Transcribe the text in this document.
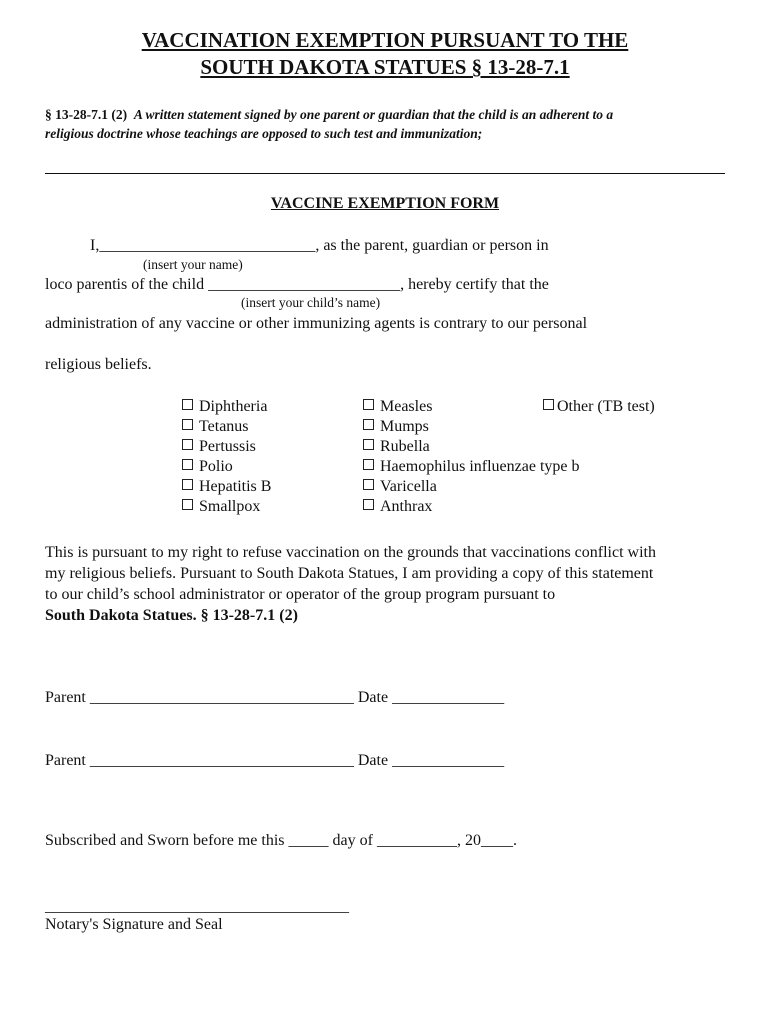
VACCINATION EXEMPTION PURSUANT TO THE
SOUTH DAKOTA STATUES § 13-28-7.1
§ 13-28-7.1 (2) A written statement signed by one parent or guardian that the child is an adherent to a
religious doctrine whose teachings are opposed to such test and immunization;
VACCINE EXEMPTION FORM
I,___________________________, as the parent, guardian or person in
(insert your name)
loco parentis of the child ________________________, hereby certify that the
(insert your child’s name)
administration of any vaccine or other immunizing agents is contrary to our personal
religious beliefs.
Diphtheria
Tetanus
Pertussis
Polio
Hepatitis B
Smallpox
Measles
Mumps
Rubella
Haemophilus influenzae type b
Varicella
Anthrax
Other (TB test)
This is pursuant to my right to refuse vaccination on the grounds that vaccinations conflict with
my religious beliefs. Pursuant to South Dakota Statues, I am providing a copy of this statement
to our child’s school administrator or operator of the group program pursuant to
South Dakota Statues. § 13-28-7.1 (2)
Parent _________________________________ Date ______________
Parent _________________________________ Date ______________
Subscribed and Sworn before me this _____ day of __________, 20____.
______________________________________
Notary's Signature and Seal
